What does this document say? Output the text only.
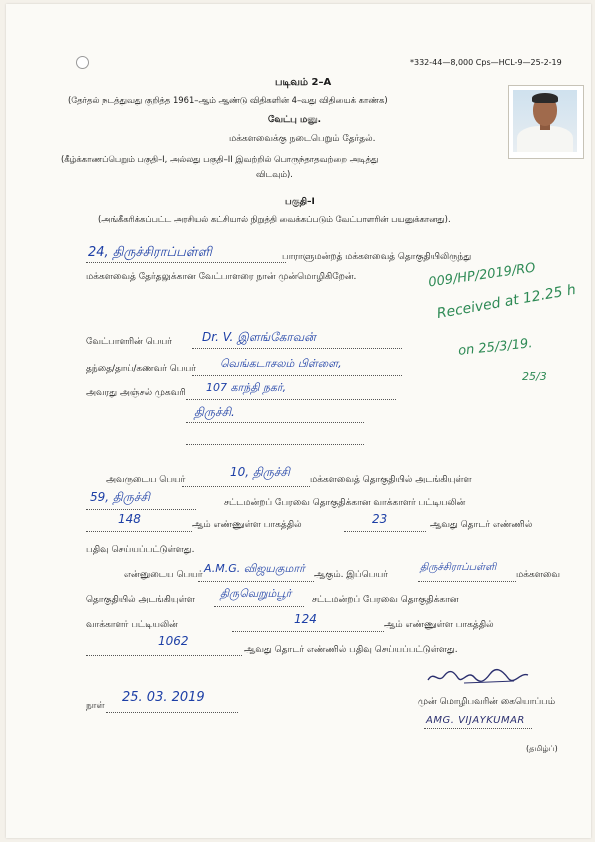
*332-44—8,000 Cps—HCL-9—25-2-19
படிவம் 2–A
(தேர்தல் நடத்துவது குறித்த 1961–ஆம் ஆண்டு விதிகளின் 4–வது விதியைக் காண்க)
வேட்பு மனு.
மக்களவைக்கு நடைபெறும் தேர்தல்.
(கீழ்க்காணப்பெறும் பகுதி–I, அல்லது பகுதி–II இவற்றில் பொருந்தாதவற்றை அடித்து
விடவும்).
பகுதி–I
(அங்கீகரிக்கப்பட்ட அரசியல் கட்சியால் நிறுத்தி வைக்கப்படும் வேட்பாளரின் பயனுக்கானது).
24, திருச்சிராப்பள்ளி	பாராளுமன்றத் மக்களவைத் தொகுதியிலிருந்து
மக்களவைத் தேர்தலுக்கான வேட்பாளரை நான் முன்மொழிகிறேன்.	009/HP/2019/RO
Received at 12.25 h
on 25/3/19.
25/3
வேட்பாளரின் பெயர்	Dr. V. இளங்கோவன்
தந்தை/தாய்/கணவர் பெயர் வெங்கடாசலம் பிள்ளை,
அவரது அஞ்சல் முகவரி 107 காந்தி நகர்,
திருச்சி.
அவருடைய பெயர்
10, திருச்சி
மக்களவைத் தொகுதியில் அடங்கியுள்ள
59, திருச்சி	சட்டமன்றப் பேரவை தொகுதிக்கான வாக்காளர் பட்டியலின்
148	ஆம் எண்ணுள்ள பாகத்தில்	23	ஆவது தொடர் எண்ணில்
பதிவு செய்யப்பட்டுள்ளது.
என்னுடைய பெயர் A.M.G. விஜயகுமார் ஆகும். இப்பெயர்
திருச்சிராப்பள்ளி
மக்களவை
தொகுதியில் அடங்கியுள்ள திருவெறும்பூர் சட்டமன்றப் பேரவை தொகுதிக்கான
வாக்காளர் பட்டியலின்	124	ஆம் எண்ணுள்ள பாகத்தில்
1062
ஆவது தொடர் எண்ணில் பதிவு செய்யப்பட்டுள்ளது.
நாள்
25. 03. 2019	முன் மொழிபவரின் கையொப்பம்
AMG. VIJAYKUMAR
(தமிழ்ப்)
